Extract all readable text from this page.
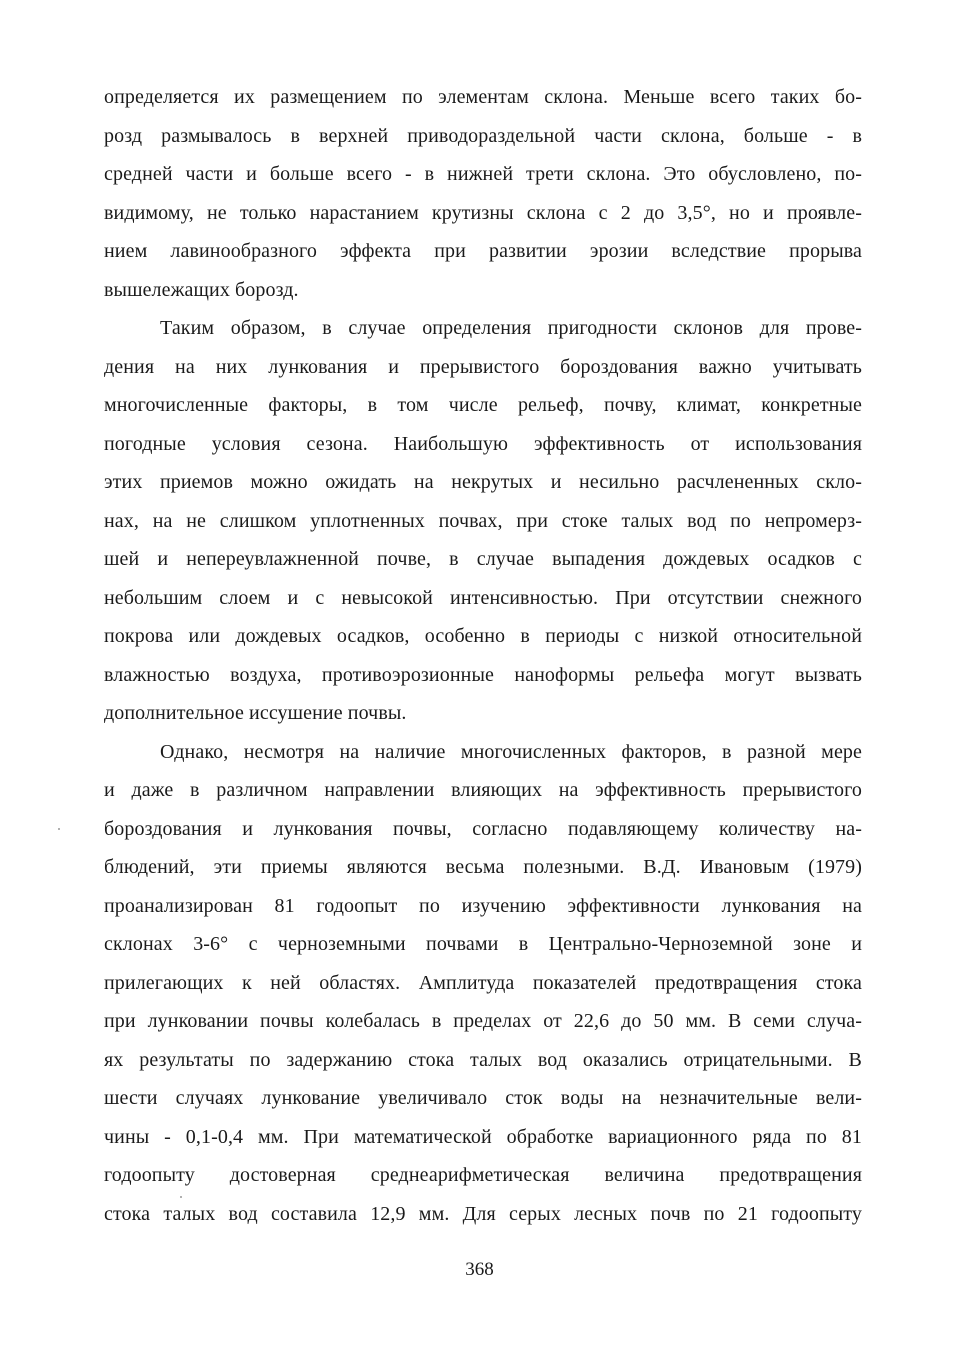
определяется их размещением по элементам склона. Меньше всего таких бо-
розд размывалось в верхней приводораздельной части склона, больше - в
средней части и больше всего - в нижней трети склона. Это обусловлено, по-
видимому, не только нарастанием крутизны склона с 2 до 3,5°, но и проявле-
нием лавинообразного эффекта при развитии эрозии вследствие прорыва
вышележащих борозд.
Таким образом, в случае определения пригодности склонов для прове-
дения на них лункования и прерывистого бороздования важно учитывать
многочисленные факторы, в том числе рельеф, почву, климат, конкретные
погодные условия сезона. Наибольшую эффективность от использования
этих приемов можно ожидать на некрутых и несильно расчлененных скло-
нах, на не слишком уплотненных почвах, при стоке талых вод по непромерз-
шей и непереувлажненной почве, в случае выпадения дождевых осадков с
небольшим слоем и с невысокой интенсивностью. При отсутствии снежного
покрова или дождевых осадков, особенно в периоды с низкой относительной
влажностью воздуха, противоэрозионные наноформы рельефа могут вызвать
дополнительное иссушение почвы.
Однако, несмотря на наличие многочисленных факторов, в разной мере
и даже в различном направлении влияющих на эффективность прерывистого
бороздования и лункования почвы, согласно подавляющему количеству на-
блюдений, эти приемы являются весьма полезными. В.Д. Ивановым (1979)
проанализирован 81 годоопыт по изучению эффективности лункования на
склонах 3-6° с черноземными почвами в Центрально-Черноземной зоне и
прилегающих к ней областях. Амплитуда показателей предотвращения стока
при лунковании почвы колебалась в пределах от 22,6 до 50 мм. В семи случа-
ях результаты по задержанию стока талых вод оказались отрицательными. В
шести случаях лункование увеличивало сток воды на незначительные вели-
чины - 0,1-0,4 мм. При математической обработке вариационного ряда по 81
годоопыту достоверная среднеарифметическая величина предотвращения
стока талых вод составила 12,9 мм. Для серых лесных почв по 21 годоопыту
368
